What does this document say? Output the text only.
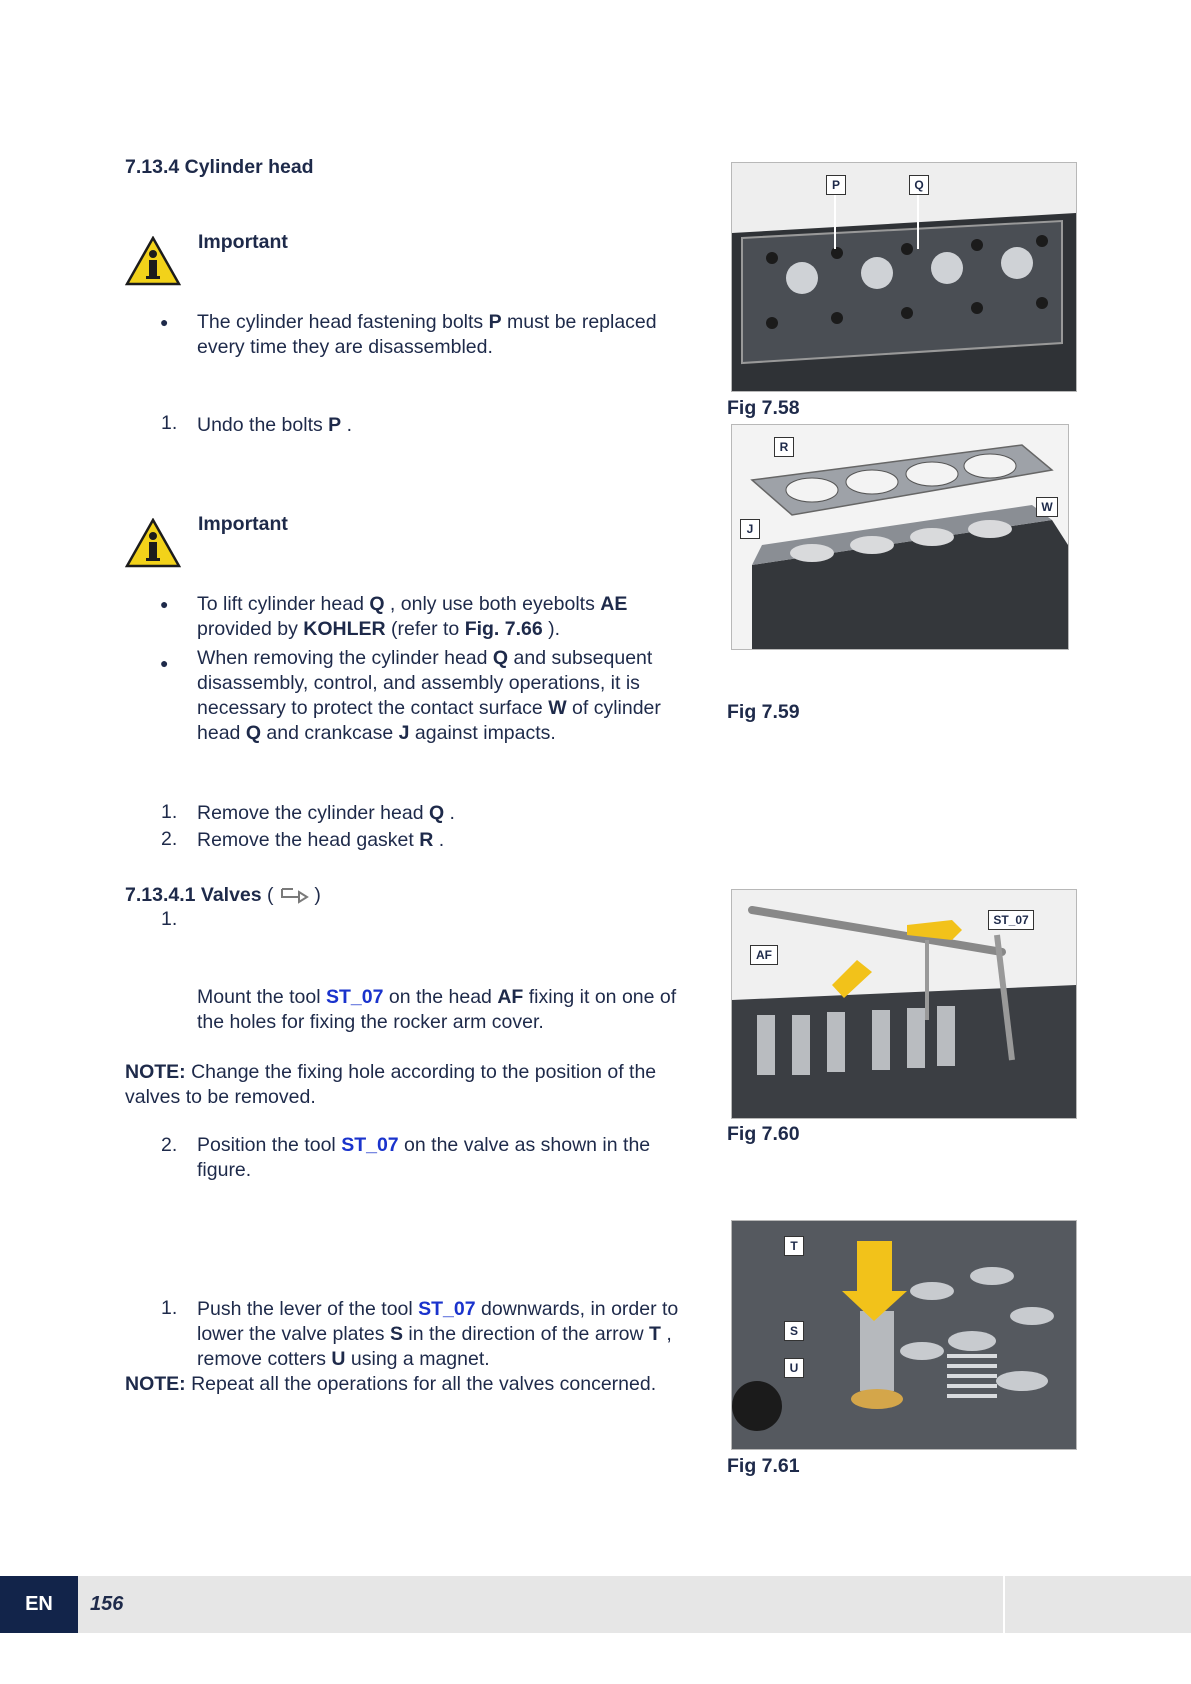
7.13.4 Cylinder head
Important
● The cylinder head fastening bolts P must be replaced every time they are disassembled.
1.	Undo the bolts P .
Important
● To lift cylinder head Q , only use both eyebolts AE provided by KOHLER (refer to Fig. 7.66 ).
● When removing the cylinder head Q and subsequent disassembly, control, and assembly operations, it is necessary to protect the contact surface W of cylinder head Q and crankcase J against impacts.
1.	Remove the cylinder head Q .
2.	Remove the head gasket R .
7.13.4.1 Valves ( )
1.
Mount the tool ST_07 on the head AF fixing it on one of the holes for fixing the rocker arm cover.
NOTE: Change the fixing hole according to the position of the valves to be removed.
2.	Position the tool ST_07 on the valve as shown in the figure.
1.	Push the lever of the tool ST_07 downwards, in order to lower the valve plates S in the direction of the arrow T , remove cotters U using a magnet.
NOTE: Repeat all the operations for all the valves concerned.
P	Q
Fig 7.58
R
W
J
Fig 7.59
AF
ST_07
Fig 7.60
T
S
U
Fig 7.61
EN	156
